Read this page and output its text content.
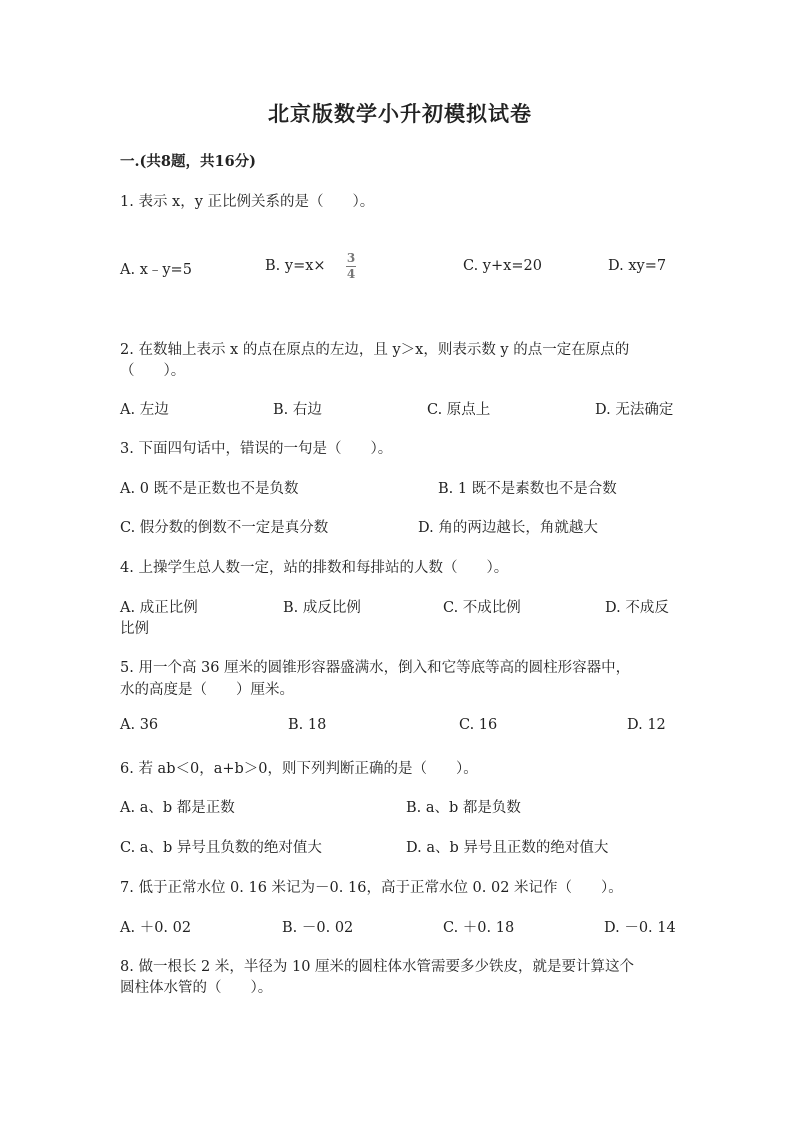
北京版数学小升初模拟试卷
一.(共8题，共16分)
1. 表示 x，y 正比例关系的是（　　）。
A. x﹣y=5	B. y=x× 3
4	C. y+x=20	D. xy=7
2. 在数轴上表示 x 的点在原点的左边，且 y＞x，则表示数 y 的点一定在原点的
（　　）。
A. 左边	B. 右边	C. 原点上	D. 无法确定
3. 下面四句话中，错误的一句是（　　）。
A. 0 既不是正数也不是负数	B. 1 既不是素数也不是合数
C. 假分数的倒数不一定是真分数	D. 角的两边越长，角就越大
4. 上操学生总人数一定，站的排数和每排站的人数（　　）。
A. 成正比例	B. 成反比例	C. 不成比例	D. 不成反
比例
5. 用一个高 36 厘米的圆锥形容器盛满水，倒入和它等底等高的圆柱形容器中，
水的高度是（　　）厘米。
A. 36	B. 18	C. 16	D. 12
6. 若 ab＜0，a+b＞0，则下列判断正确的是（　　）。
A. a、b 都是正数	B. a、b 都是负数
C. a、b 异号且负数的绝对值大	D. a、b 异号且正数的绝对值大
7. 低于正常水位 0. 16 米记为－0. 16，高于正常水位 0. 02 米记作（　　）。
A. ＋0. 02	B. －0. 02	C. ＋0. 18	D. －0. 14
8. 做一根长 2 米，半径为 10 厘米的圆柱体水管需要多少铁皮，就是要计算这个
圆柱体水管的（　　）。
